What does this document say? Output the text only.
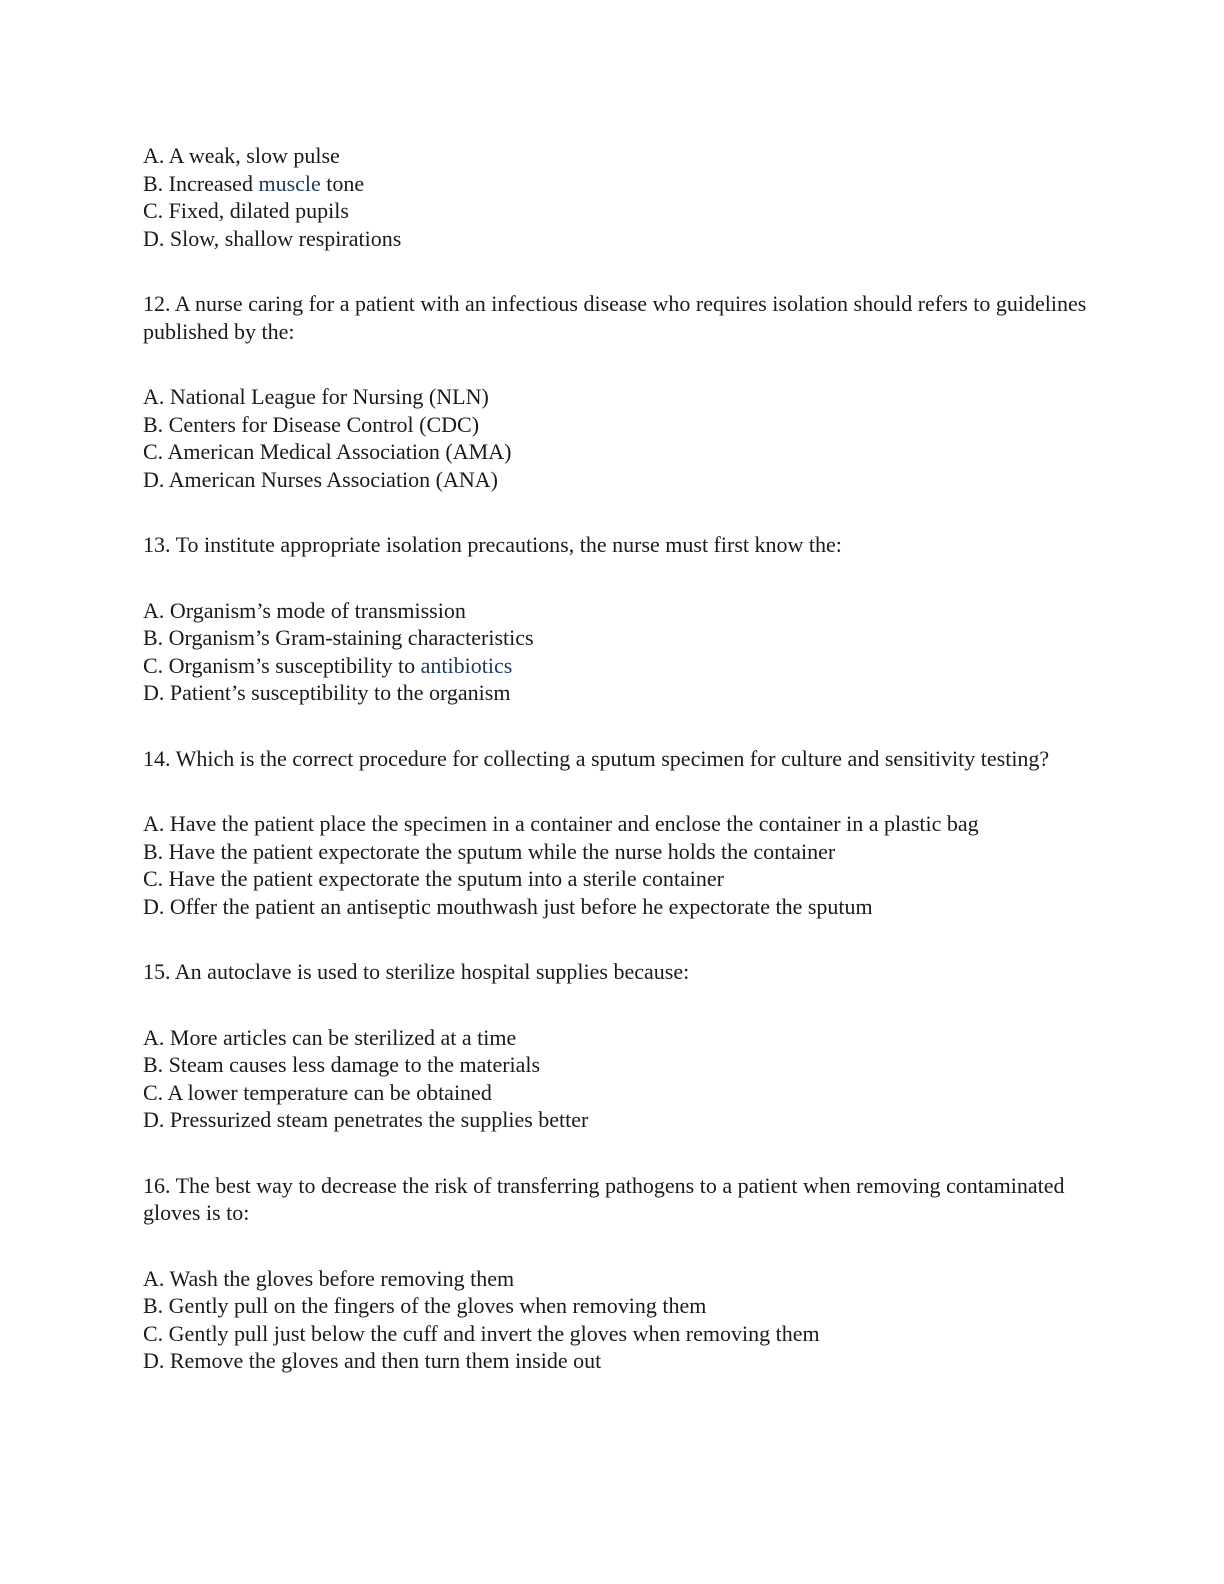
A. A weak, slow pulse
B. Increased muscle tone
C. Fixed, dilated pupils
D. Slow, shallow respirations
12. A nurse caring for a patient with an infectious disease who requires isolation should refers to guidelines published by the:
A. National League for Nursing (NLN)
B. Centers for Disease Control (CDC)
C. American Medical Association (AMA)
D. American Nurses Association (ANA)
13. To institute appropriate isolation precautions, the nurse must first know the:
A. Organism’s mode of transmission
B. Organism’s Gram-staining characteristics
C. Organism’s susceptibility to antibiotics
D. Patient’s susceptibility to the organism
14. Which is the correct procedure for collecting a sputum specimen for culture and sensitivity testing?
A. Have the patient place the specimen in a container and enclose the container in a plastic bag
B. Have the patient expectorate the sputum while the nurse holds the container
C. Have the patient expectorate the sputum into a sterile container
D. Offer the patient an antiseptic mouthwash just before he expectorate the sputum
15. An autoclave is used to sterilize hospital supplies because:
A. More articles can be sterilized at a time
B. Steam causes less damage to the materials
C. A lower temperature can be obtained
D. Pressurized steam penetrates the supplies better
16. The best way to decrease the risk of transferring pathogens to a patient when removing contaminated gloves is to:
A. Wash the gloves before removing them
B. Gently pull on the fingers of the gloves when removing them
C. Gently pull just below the cuff and invert the gloves when removing them
D. Remove the gloves and then turn them inside out
